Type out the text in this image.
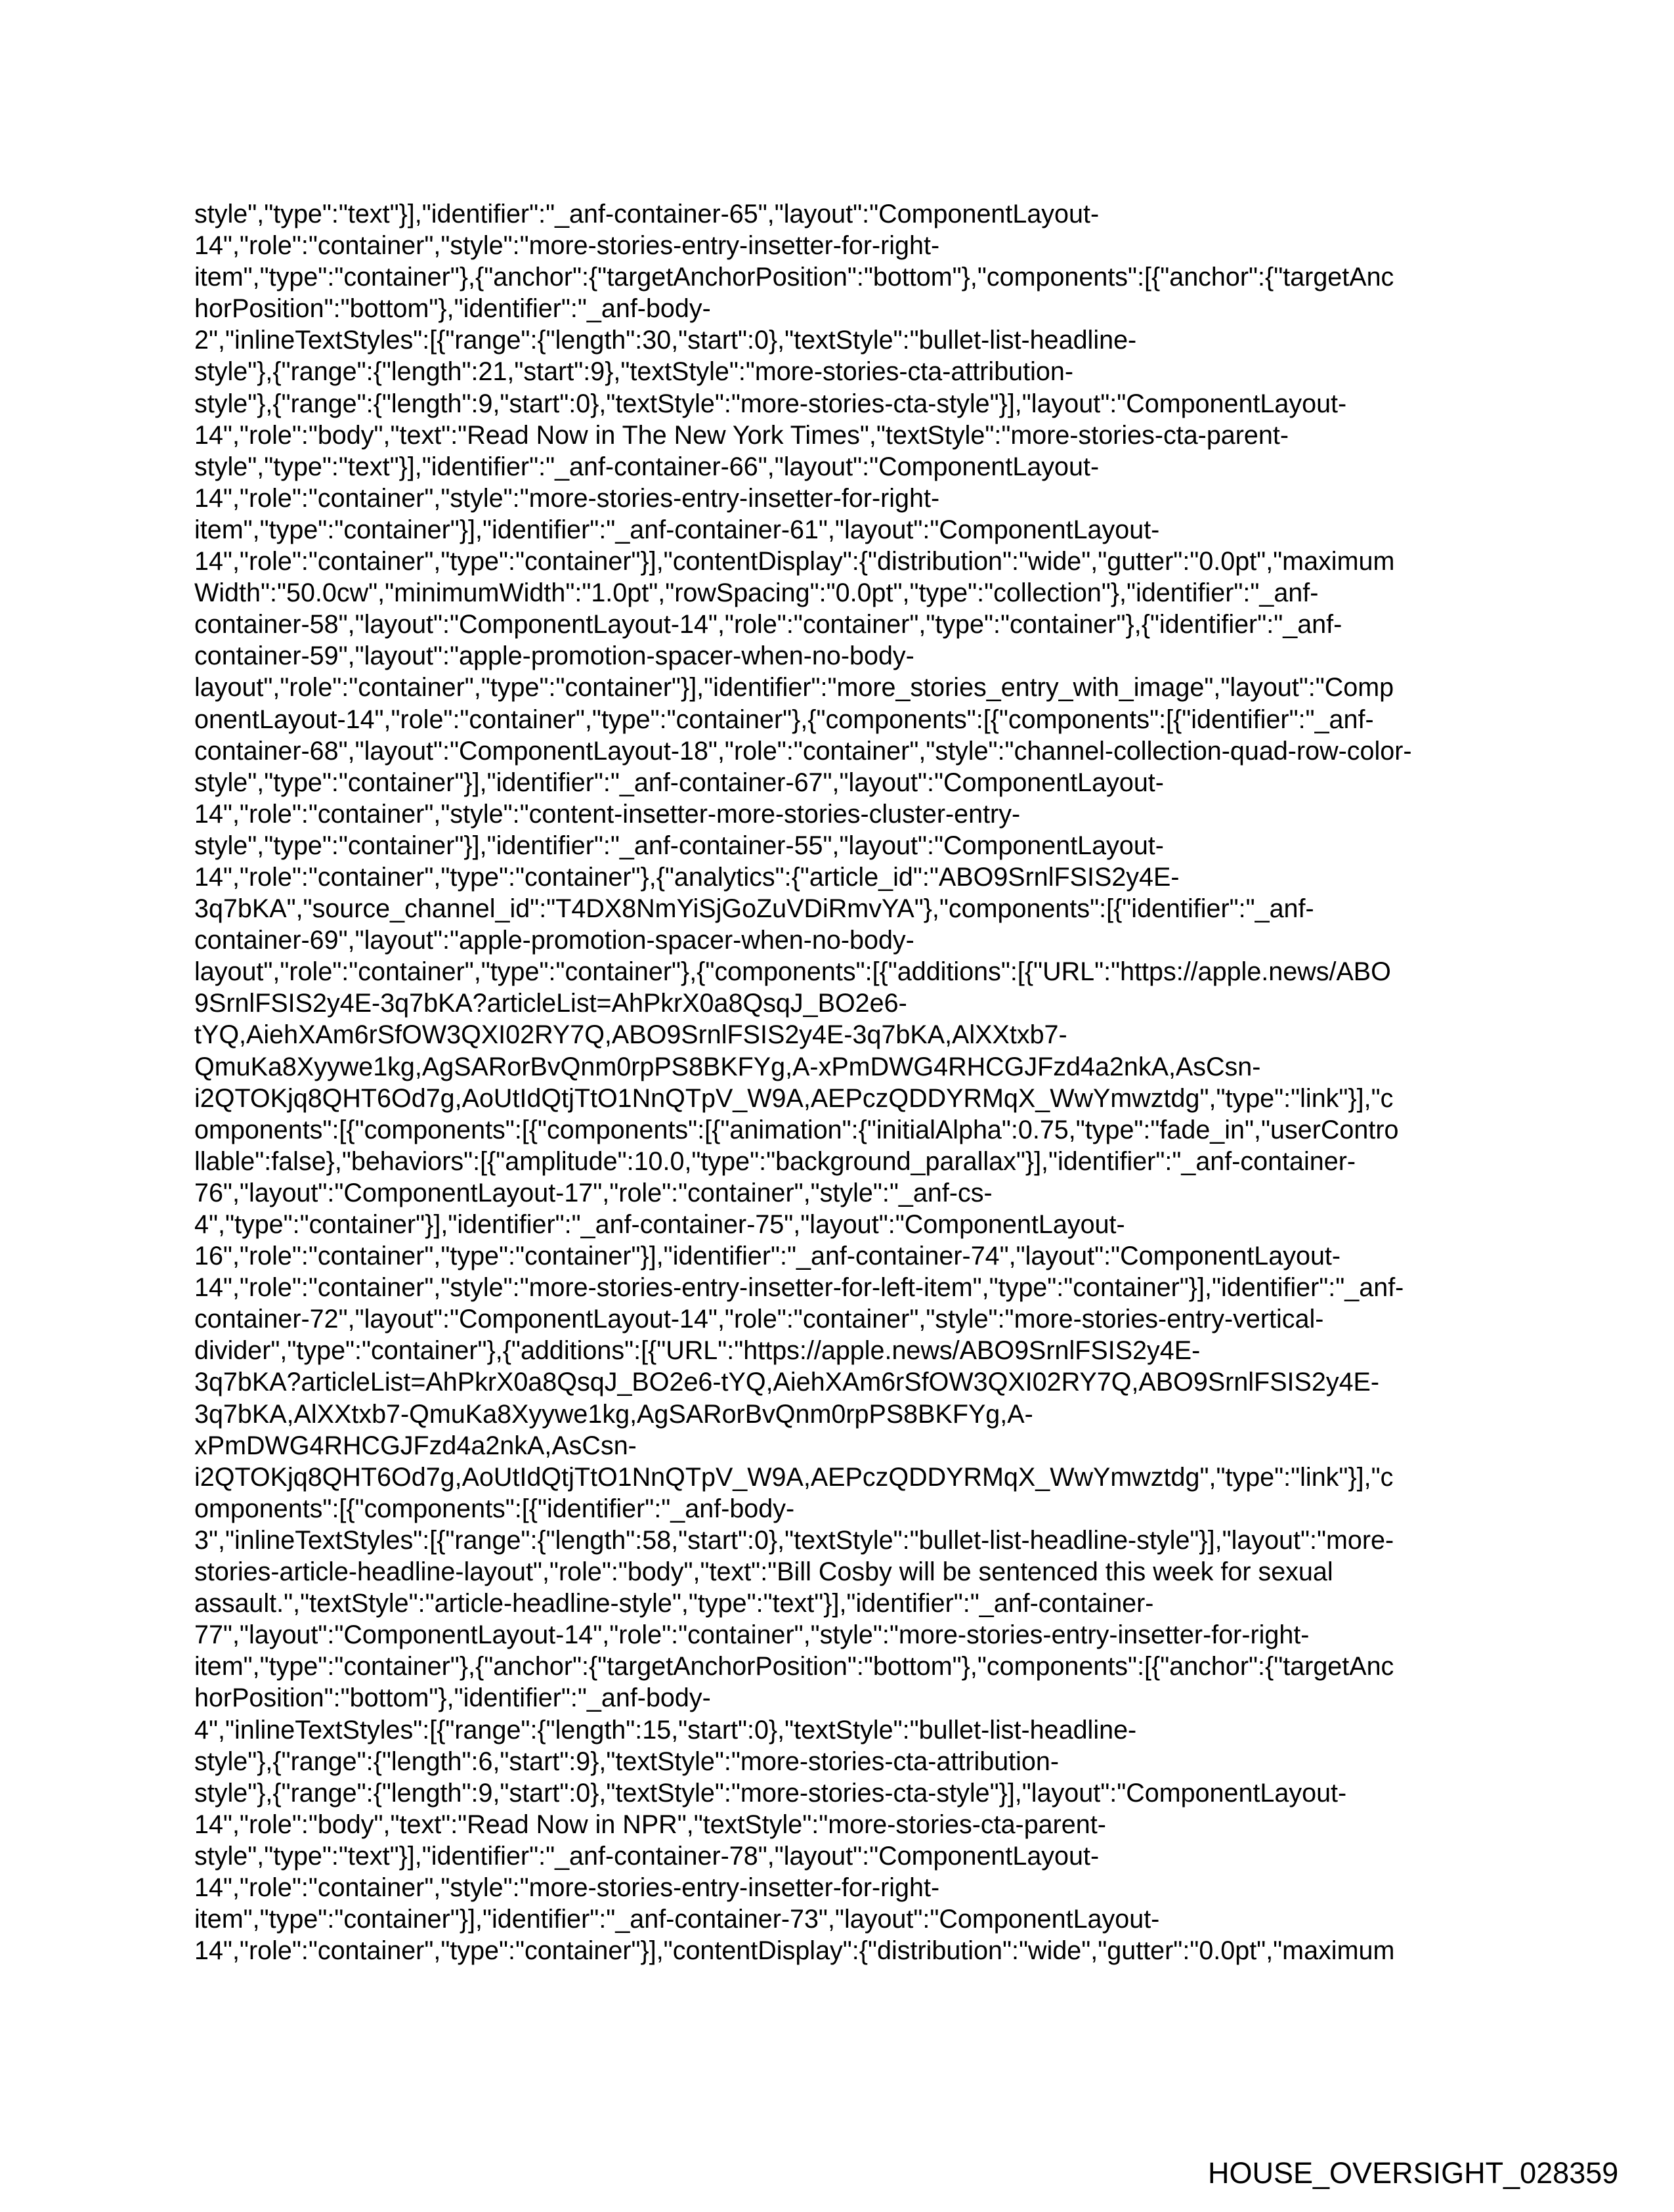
style","type":"text"}],"identifier":"_anf-container-65","layout":"ComponentLayout-
14","role":"container","style":"more-stories-entry-insetter-for-right-
item","type":"container"},{"anchor":{"targetAnchorPosition":"bottom"},"components":[{"anchor":{"targetAnc
horPosition":"bottom"},"identifier":"_anf-body-
2","inlineTextStyles":[{"range":{"length":30,"start":0},"textStyle":"bullet-list-headline-
style"},{"range":{"length":21,"start":9},"textStyle":"more-stories-cta-attribution-
style"},{"range":{"length":9,"start":0},"textStyle":"more-stories-cta-style"}],"layout":"ComponentLayout-
14","role":"body","text":"Read Now in The New York Times","textStyle":"more-stories-cta-parent-
style","type":"text"}],"identifier":"_anf-container-66","layout":"ComponentLayout-
14","role":"container","style":"more-stories-entry-insetter-for-right-
item","type":"container"}],"identifier":"_anf-container-61","layout":"ComponentLayout-
14","role":"container","type":"container"}],"contentDisplay":{"distribution":"wide","gutter":"0.0pt","maximum
Width":"50.0cw","minimumWidth":"1.0pt","rowSpacing":"0.0pt","type":"collection"},"identifier":"_anf-
container-58","layout":"ComponentLayout-14","role":"container","type":"container"},{"identifier":"_anf-
container-59","layout":"apple-promotion-spacer-when-no-body-
layout","role":"container","type":"container"}],"identifier":"more_stories_entry_with_image","layout":"Comp
onentLayout-14","role":"container","type":"container"},{"components":[{"components":[{"identifier":"_anf-
container-68","layout":"ComponentLayout-18","role":"container","style":"channel-collection-quad-row-color-
style","type":"container"}],"identifier":"_anf-container-67","layout":"ComponentLayout-
14","role":"container","style":"content-insetter-more-stories-cluster-entry-
style","type":"container"}],"identifier":"_anf-container-55","layout":"ComponentLayout-
14","role":"container","type":"container"},{"analytics":{"article_id":"ABO9SrnlFSIS2y4E-
3q7bKA","source_channel_id":"T4DX8NmYiSjGoZuVDiRmvYA"},"components":[{"identifier":"_anf-
container-69","layout":"apple-promotion-spacer-when-no-body-
layout","role":"container","type":"container"},{"components":[{"additions":[{"URL":"https://apple.news/ABO
9SrnlFSIS2y4E-3q7bKA?articleList=AhPkrX0a8QsqJ_BO2e6-
tYQ,AiehXAm6rSfOW3QXI02RY7Q,ABO9SrnlFSIS2y4E-3q7bKA,AlXXtxb7-
QmuKa8Xyywe1kg,AgSARorBvQnm0rpPS8BKFYg,A-xPmDWG4RHCGJFzd4a2nkA,AsCsn-
i2QTOKjq8QHT6Od7g,AoUtIdQtjTtO1NnQTpV_W9A,AEPczQDDYRMqX_WwYmwztdg","type":"link"}],"c
omponents":[{"components":[{"components":[{"animation":{"initialAlpha":0.75,"type":"fade_in","userContro
llable":false},"behaviors":[{"amplitude":10.0,"type":"background_parallax"}],"identifier":"_anf-container-
76","layout":"ComponentLayout-17","role":"container","style":"_anf-cs-
4","type":"container"}],"identifier":"_anf-container-75","layout":"ComponentLayout-
16","role":"container","type":"container"}],"identifier":"_anf-container-74","layout":"ComponentLayout-
14","role":"container","style":"more-stories-entry-insetter-for-left-item","type":"container"}],"identifier":"_anf-
container-72","layout":"ComponentLayout-14","role":"container","style":"more-stories-entry-vertical-
divider","type":"container"},{"additions":[{"URL":"https://apple.news/ABO9SrnlFSIS2y4E-
3q7bKA?articleList=AhPkrX0a8QsqJ_BO2e6-tYQ,AiehXAm6rSfOW3QXI02RY7Q,ABO9SrnlFSIS2y4E-
3q7bKA,AlXXtxb7-QmuKa8Xyywe1kg,AgSARorBvQnm0rpPS8BKFYg,A-
xPmDWG4RHCGJFzd4a2nkA,AsCsn-
i2QTOKjq8QHT6Od7g,AoUtIdQtjTtO1NnQTpV_W9A,AEPczQDDYRMqX_WwYmwztdg","type":"link"}],"c
omponents":[{"components":[{"identifier":"_anf-body-
3","inlineTextStyles":[{"range":{"length":58,"start":0},"textStyle":"bullet-list-headline-style"}],"layout":"more-
stories-article-headline-layout","role":"body","text":"Bill Cosby will be sentenced this week for sexual
assault.","textStyle":"article-headline-style","type":"text"}],"identifier":"_anf-container-
77","layout":"ComponentLayout-14","role":"container","style":"more-stories-entry-insetter-for-right-
item","type":"container"},{"anchor":{"targetAnchorPosition":"bottom"},"components":[{"anchor":{"targetAnc
horPosition":"bottom"},"identifier":"_anf-body-
4","inlineTextStyles":[{"range":{"length":15,"start":0},"textStyle":"bullet-list-headline-
style"},{"range":{"length":6,"start":9},"textStyle":"more-stories-cta-attribution-
style"},{"range":{"length":9,"start":0},"textStyle":"more-stories-cta-style"}],"layout":"ComponentLayout-
14","role":"body","text":"Read Now in NPR","textStyle":"more-stories-cta-parent-
style","type":"text"}],"identifier":"_anf-container-78","layout":"ComponentLayout-
14","role":"container","style":"more-stories-entry-insetter-for-right-
item","type":"container"}],"identifier":"_anf-container-73","layout":"ComponentLayout-
14","role":"container","type":"container"}],"contentDisplay":{"distribution":"wide","gutter":"0.0pt","maximum
HOUSE_OVERSIGHT_028359
